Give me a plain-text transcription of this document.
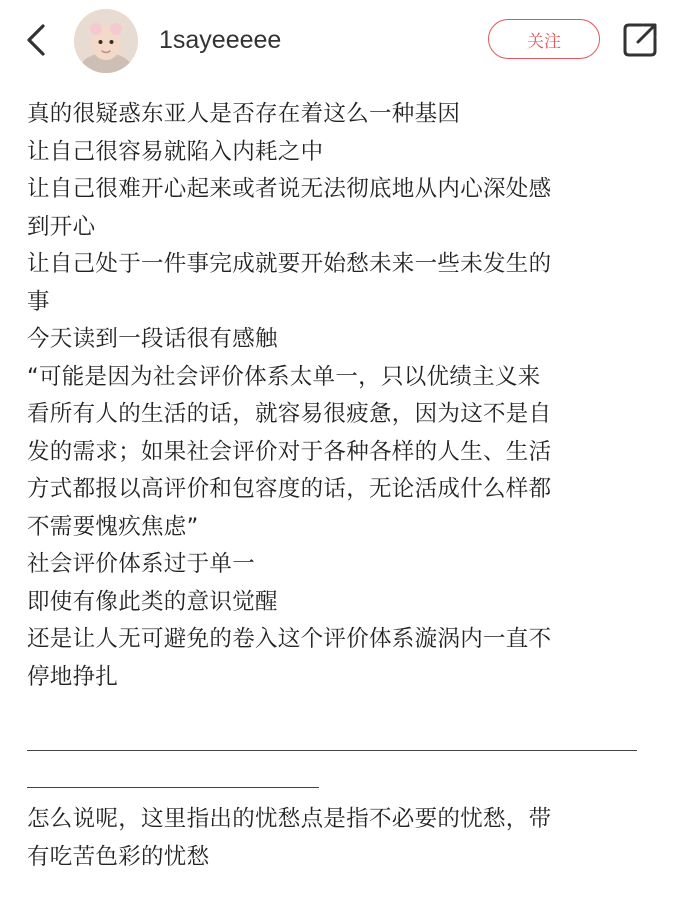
1sayeeeee	关注
真的很疑惑东亚人是否存在着这么一种基因
让自己很容易就陷入内耗之中
让自己很难开心起来或者说无法彻底地从内心深处感
到开心
让自己处于一件事完成就要开始愁未来一些未发生的
事
今天读到一段话很有感触
“可能是因为社会评价体系太单一，只以优绩主义来
看所有人的生活的话，就容易很疲惫，因为这不是自
发的需求；如果社会评价对于各种各样的人生、生活
方式都报以高评价和包容度的话，无论活成什么样都
不需要愧疚焦虑”
社会评价体系过于单一
即使有像此类的意识觉醒
还是让人无可避免的卷入这个评价体系漩涡内一直不
停地挣扎
怎么说呢，这里指出的忧愁点是指不必要的忧愁，带
有吃苦色彩的忧愁
